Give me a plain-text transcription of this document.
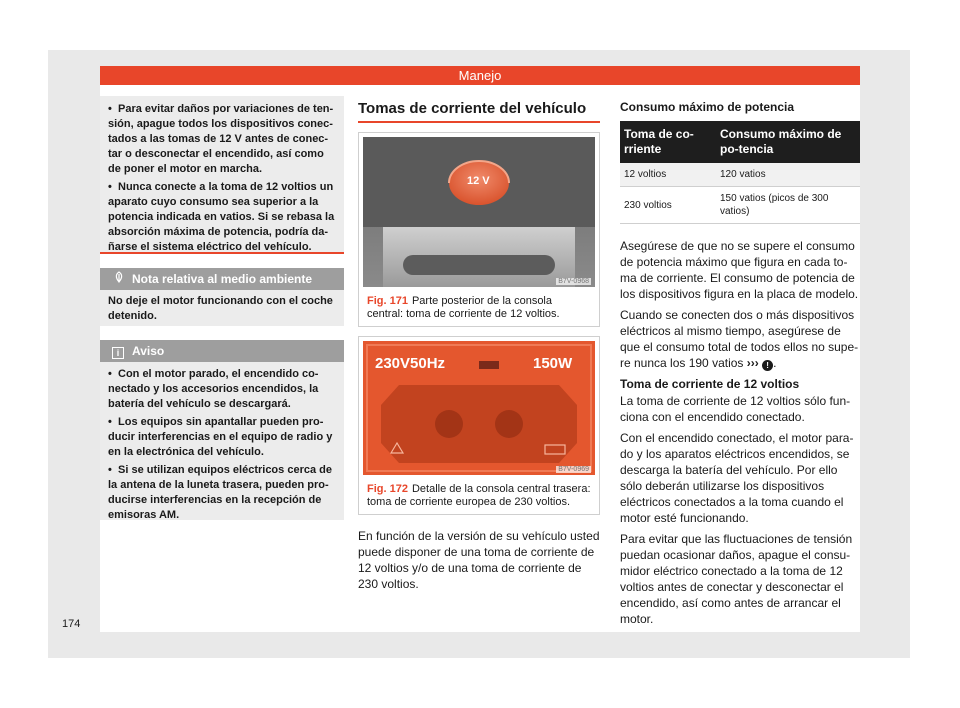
Manejo
174
• Para evitar daños por variaciones de ten-sión, apague todos los dispositivos conec-tados a las tomas de 12 V antes de conec-tar o desconectar el encendido, así como de poner el motor en marcha.
• Nunca conecte a la toma de 12 voltios un aparato cuyo consumo sea superior a la potencia indicada en vatios. Si se rebasa la absorción máxima de potencia, podría da-ñarse el sistema eléctrico del vehículo.
Nota relativa al medio ambiente
No deje el motor funcionando con el coche detenido.
i Aviso
• Con el motor parado, el encendido co-nectado y los accesorios encendidos, la batería del vehículo se descargará.
• Los equipos sin apantallar pueden pro-ducir interferencias en el equipo de radio y en la electrónica del vehículo.
• Si se utilizan equipos eléctricos cerca de la antena de la luneta trasera, pueden pro-ducirse interferencias en la recepción de emisoras AM.
Tomas de corriente del vehículo
12 V
B7V-0968
Fig. 171 Parte posterior de la consola central: toma de corriente de 12 voltios.
230V50Hz	150W
B7V-0969
Fig. 172 Detalle de la consola central trasera: toma de corriente europea de 230 voltios.
En función de la versión de su vehículo usted puede disponer de una toma de corriente de 12 voltios y/o de una toma de corriente de 230 voltios.
Consumo máximo de potencia
Toma de co-rriente	Consumo máximo de po-tencia
12 voltios	120 vatios
230 voltios	150 vatios (picos de 300 vatios)
Asegúrese de que no se supere el consumo de potencia máximo que figura en cada to-ma de corriente. El consumo de potencia de los dispositivos figura en la placa de modelo.
Cuando se conecten dos o más dispositivos eléctricos al mismo tiempo, asegúrese de que el consumo total de todos ellos no supe-re nunca los 190 vatios ››› ! .
Toma de corriente de 12 voltios
La toma de corriente de 12 voltios sólo fun-ciona con el encendido conectado.
Con el encendido conectado, el motor para-do y los aparatos eléctricos encendidos, se descarga la batería del vehículo. Por ello sólo deberán utilizarse los dispositivos eléctricos conectados a la toma cuando el motor esté funcionando.
Para evitar que las fluctuaciones de tensión puedan ocasionar daños, apague el consu-midor eléctrico conectado a la toma de 12 voltios antes de conectar y desconectar el encendido, así como antes de arrancar el motor.
